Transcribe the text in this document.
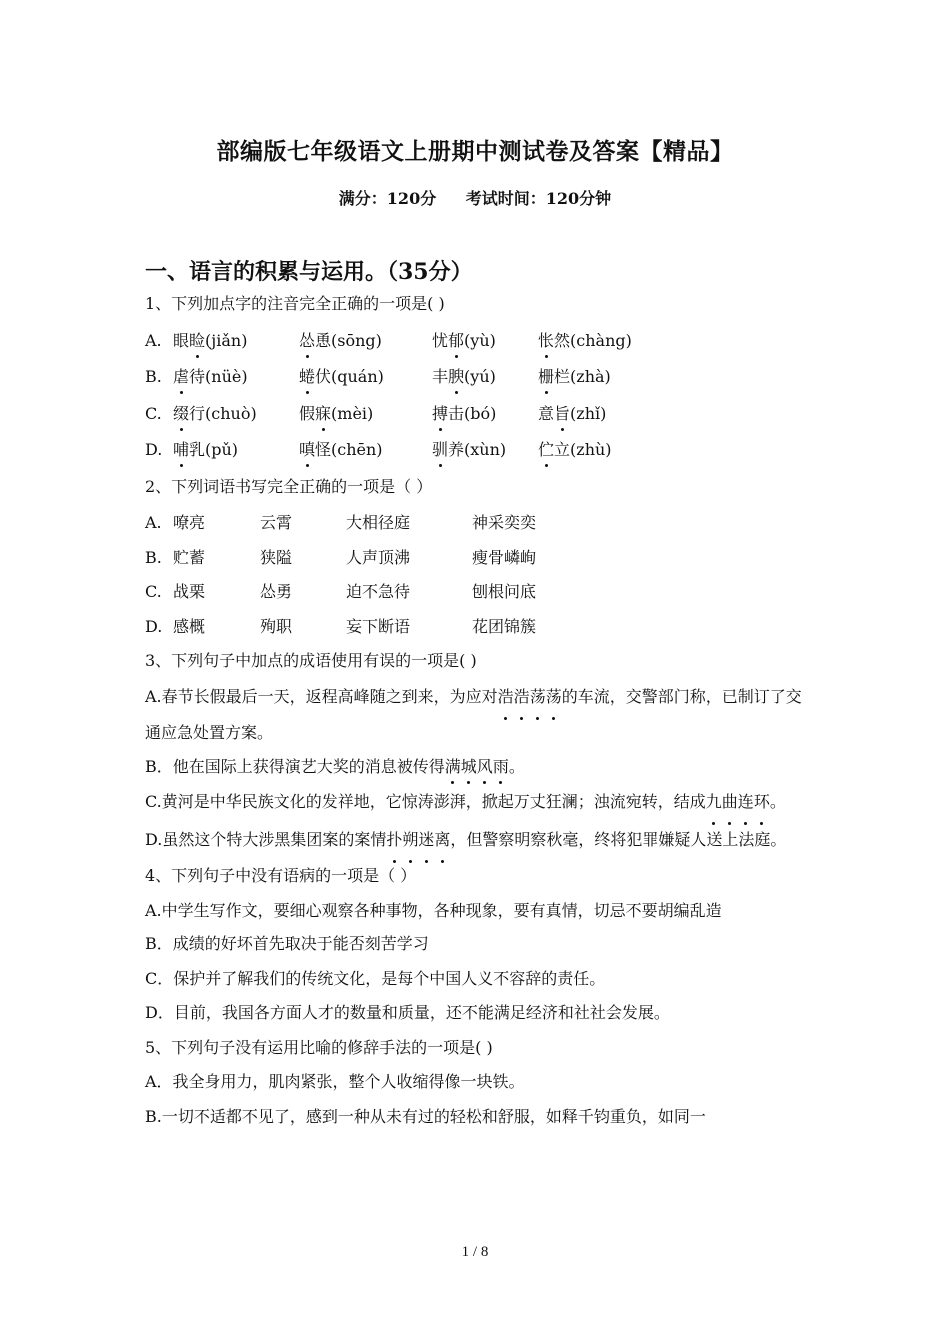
部编版七年级语文上册期中测试卷及答案【精品】
满分：120分 考试时间：120分钟
一、语言的积累与运用。（35分）
1、下列加点字的注音完全正确的一项是( )
A. 眼睑(jiǎn)	怂恿(sōng)	忧郁(yù)	怅然(chàng)
B. 虐待(nüè)	蜷伏(quán)	丰腴(yú)	栅栏(zhà)
C. 缀行(chuò)	假寐(mèi)	搏击(bó)	意旨(zhǐ)
D. 哺乳(pǔ)	嗔怪(chēn)	驯养(xùn)	伫立(zhù)
2、下列词语书写完全正确的一项是（ ）
A. 嘹亮	云霄	大相径庭	神采奕奕
B. 贮蓄	狭隘	人声顶沸	瘦骨嶙峋
C. 战栗	怂勇	迫不急待	刨根问底
D. 感概	殉职	妄下断语	花团锦簇
3、下列句子中加点的成语使用有误的一项是( )
A.春节长假最后一天，返程高峰随之到来，为应对浩浩荡荡的车流，交警部门称，已制订了交通应急处置方案。
B．他在国际上获得演艺大奖的消息被传得满城风雨。
C.黄河是中华民族文化的发祥地，它惊涛澎湃，掀起万丈狂澜；浊流宛转，结成九曲连环。
D.虽然这个特大涉黑集团案的案情扑朔迷离，但警察明察秋毫，终将犯罪嫌疑人送上法庭。
4、下列句子中没有语病的一项是（ ）
A.中学生写作文，要细心观察各种事物，各种现象，要有真情，切忌不要胡编乱造
B．成绩的好坏首先取决于能否刻苦学习
C．保护并了解我们的传统文化，是每个中国人义不容辞的责任。
D．目前，我国各方面人才的数量和质量，还不能满足经济和社社会发展。
5、下列句子没有运用比喻的修辞手法的一项是( )
A．我全身用力，肌肉紧张，整个人收缩得像一块铁。
B.一切不适都不见了，感到一种从未有过的轻松和舒服，如释千钧重负，如同一
1 / 8
